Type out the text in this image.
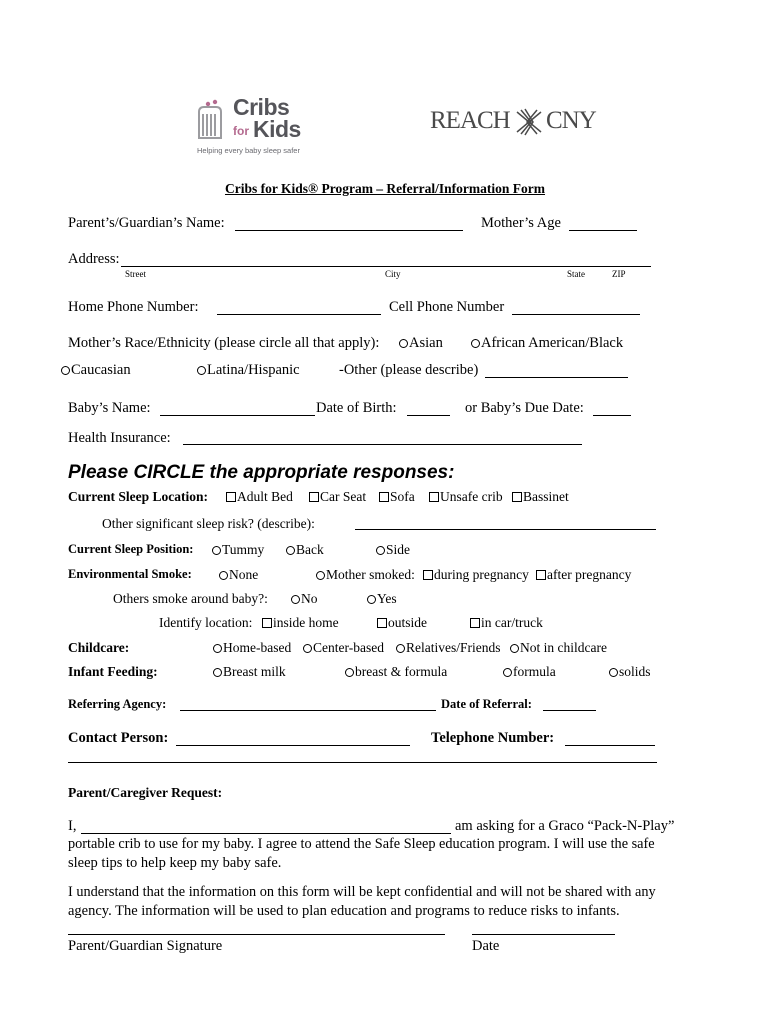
Cribs
for Kids
Helping every baby sleep safer
REACH CNY
Cribs for Kids® Program – Referral/Information Form
Parent’s/Guardian’s Name:	Mother’s Age
Address:
Street	City	State	ZIP
Home Phone Number:	Cell Phone Number
Mother’s Race/Ethnicity (please circle all that apply):	Asian	African American/Black
Caucasian	Latina/Hispanic	-Other (please describe)
Baby’s Name:	Date of Birth:	or Baby’s Due Date:
Health Insurance:
Please CIRCLE the appropriate responses:
Current Sleep Location:	Adult Bed	Car Seat	Sofa	Unsafe crib	Bassinet
Other significant sleep risk? (describe):
Current Sleep Position:	Tummy	Back	Side
Environmental Smoke:	None	Mother smoked:	during pregnancy	after pregnancy
Others smoke around baby?:	No	Yes
Identify location:	inside home	outside	in car/truck
Childcare:	Home-based	Center-based	Relatives/Friends	Not in childcare
Infant Feeding:	Breast milk	breast & formula	formula	solids
Referring Agency:	Date of Referral:
Contact Person:	Telephone Number:
Parent/Caregiver Request:
I,	am asking for a Graco “Pack-N-Play”
portable crib to use for my baby. I agree to attend the Safe Sleep education program. I will use the safe
sleep tips to help keep my baby safe.
I understand that the information on this form will be kept confidential and will not be shared with any
agency. The information will be used to plan education and programs to reduce risks to infants.
Parent/Guardian Signature	Date
